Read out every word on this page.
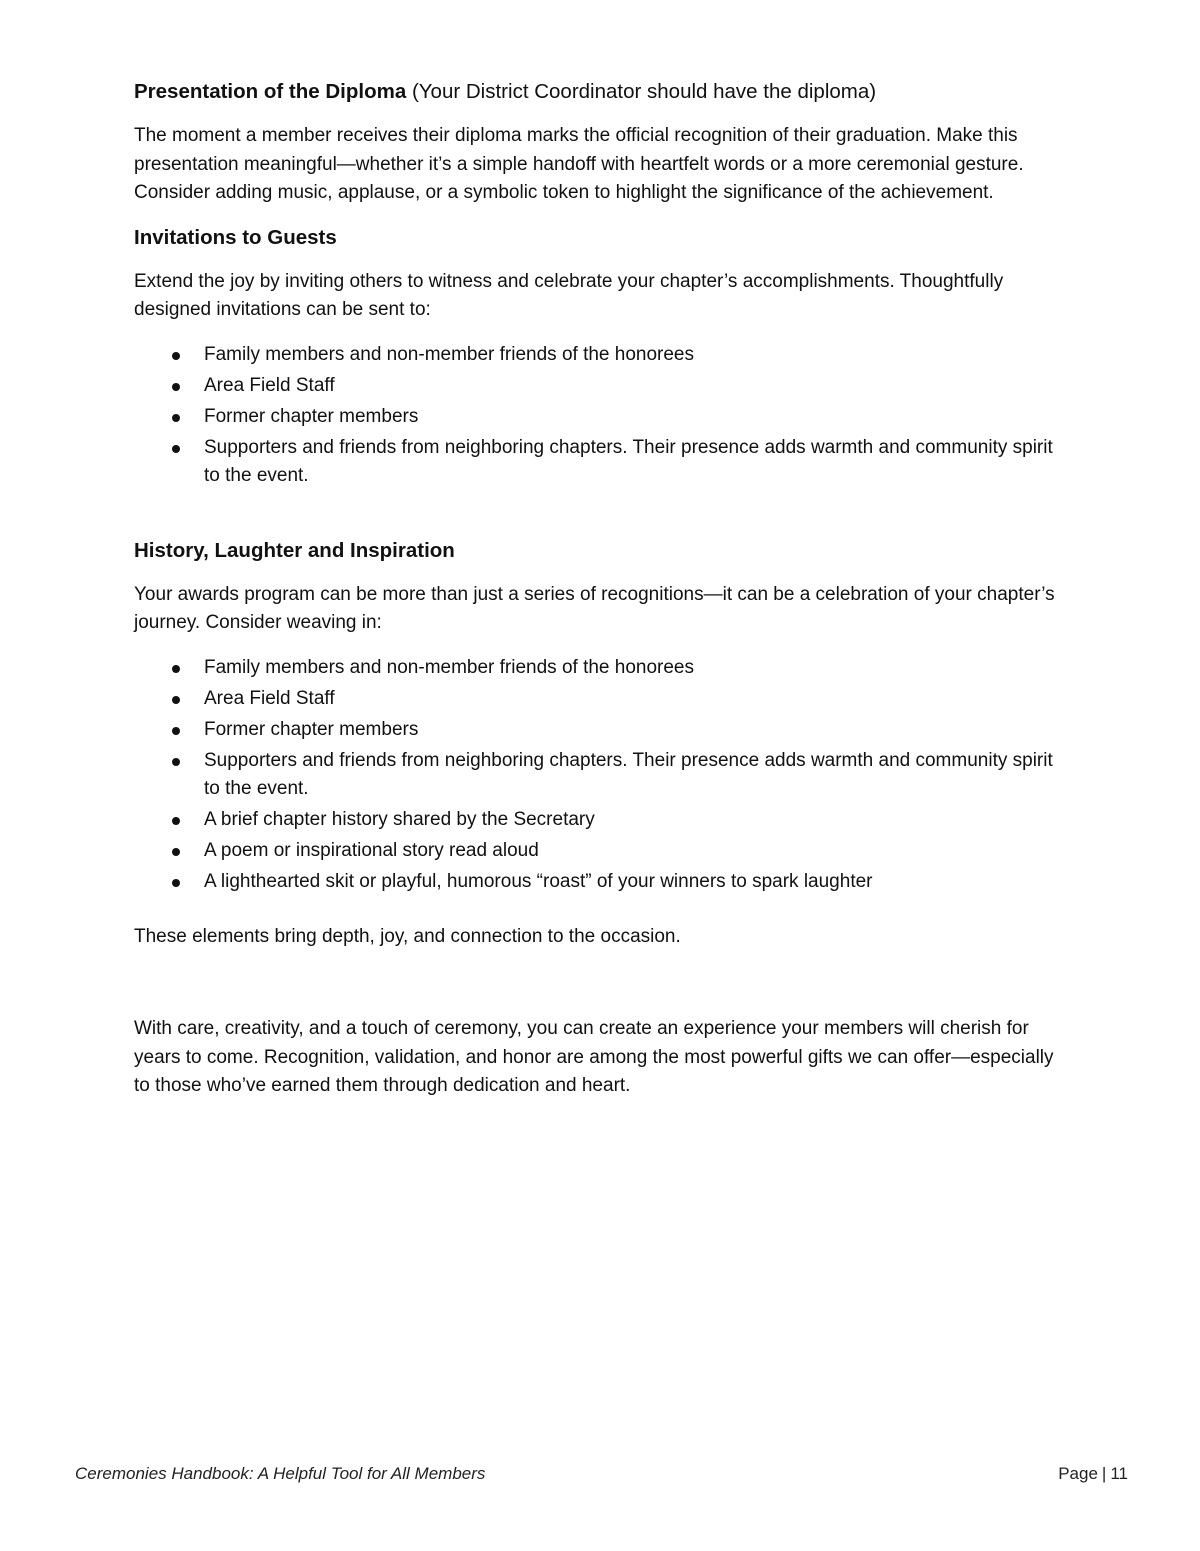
Presentation of the Diploma (Your District Coordinator should have the diploma)

The moment a member receives their diploma marks the official recognition of their graduation. Make this presentation meaningful—whether it’s a simple handoff with heartfelt words or a more ceremonial gesture. Consider adding music, applause, or a symbolic token to highlight the significance of the achievement.

Invitations to Guests

Extend the joy by inviting others to witness and celebrate your chapter’s accomplishments. Thoughtfully designed invitations can be sent to:

Family members and non-member friends of the honorees
Area Field Staff
Former chapter members
Supporters and friends from neighboring chapters. Their presence adds warmth and community spirit to the event.
History, Laughter and Inspiration

Your awards program can be more than just a series of recognitions—it can be a celebration of your chapter’s journey. Consider weaving in:

Family members and non-member friends of the honorees
Area Field Staff
Former chapter members
Supporters and friends from neighboring chapters. Their presence adds warmth and community spirit to the event.
A brief chapter history shared by the Secretary
A poem or inspirational story read aloud
A lighthearted skit or playful, humorous “roast” of your winners to spark laughter

These elements bring depth, joy, and connection to the occasion.

With care, creativity, and a touch of ceremony, you can create an experience your members will cherish for years to come. Recognition, validation, and honor are among the most powerful gifts we can offer—especially to those who’ve earned them through dedication and heart.

Ceremonies Handbook: A Helpful Tool for All Members	Page | 11
